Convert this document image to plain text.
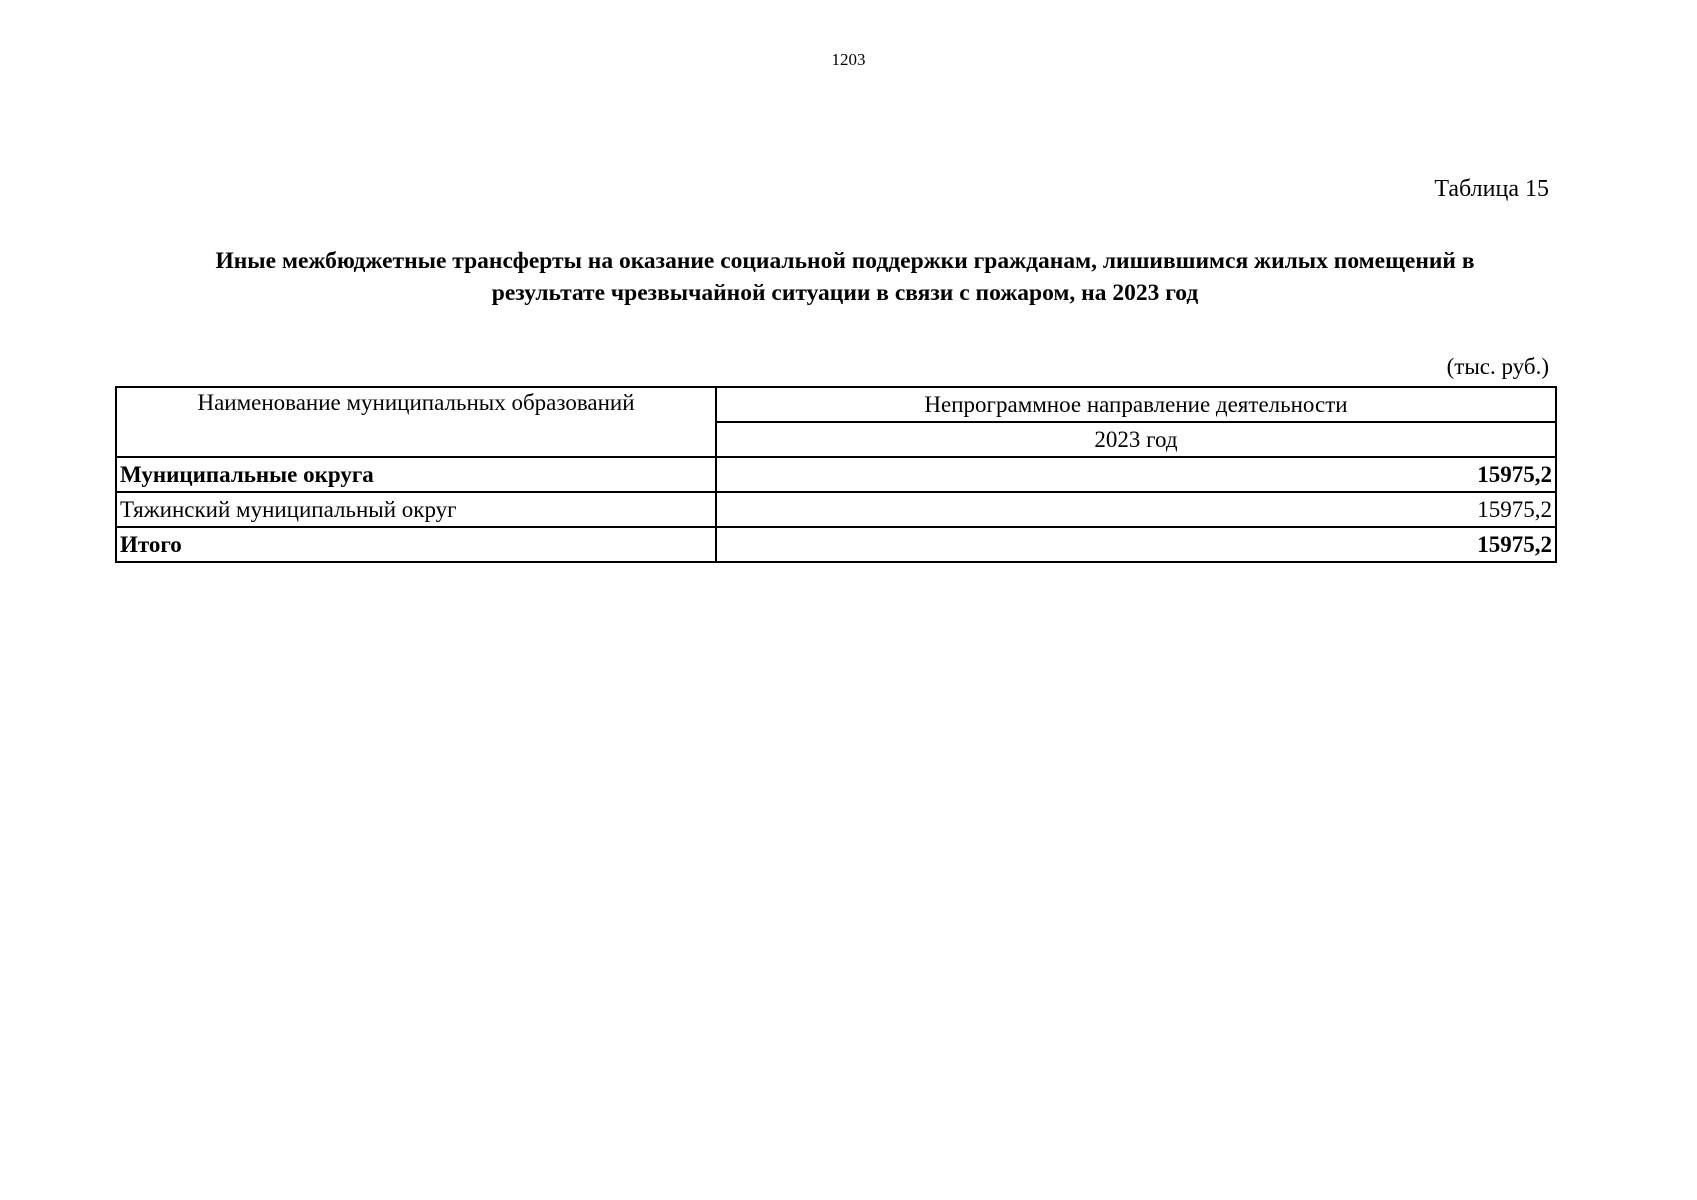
1203
Таблица 15
Иные межбюджетные трансферты на оказание социальной поддержки гражданам, лишившимся жилых помещений в
результате чрезвычайной ситуации в связи с пожаром, на 2023 год
(тыс. руб.)
Наименование муниципальных образований	Непрограммное направление деятельности
	2023 год
Муниципальные округа	15975,2
Тяжинский муниципальный округ	15975,2
Итого	15975,2
